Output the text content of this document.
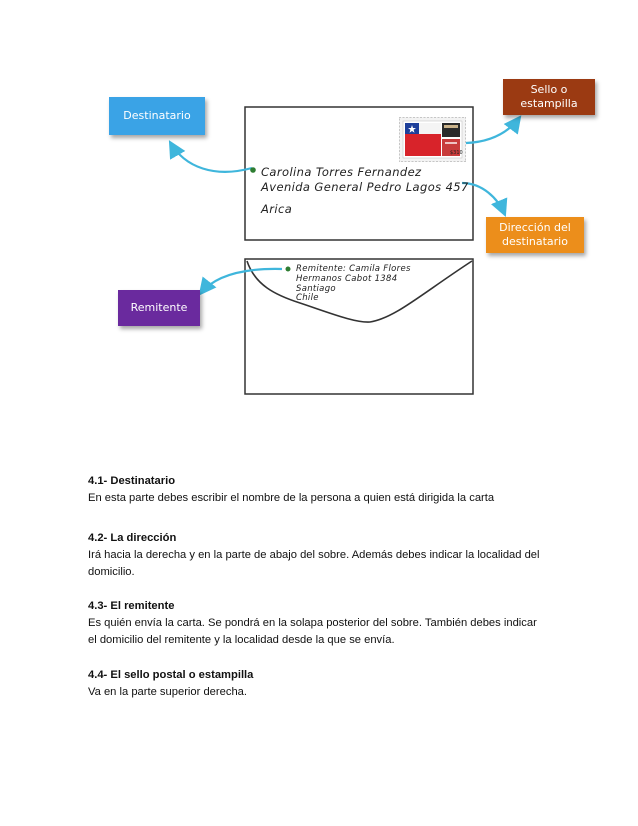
$310
Carolina Torres Fernandez
Avenida General Pedro Lagos 457
Arica
Remitente: Camila Flores
Hermanos Cabot 1384
Santiago
Chile
Destinatario
Remitente
Sello o estampilla
Dirección del destinatario
4.1- Destinatario

En esta parte debes escribir el nombre de la persona a quien está dirigida la carta

4.2- La dirección

Irá hacia la derecha y en la parte de abajo del sobre. Además debes indicar la localidad del domicilio.

4.3- El remitente

Es quién envía la carta. Se pondrá en la solapa posterior del sobre. También debes indicar el domicilio del remitente y la localidad desde la que se envía.

4.4- El sello postal o estampilla

Va en la parte superior derecha.
